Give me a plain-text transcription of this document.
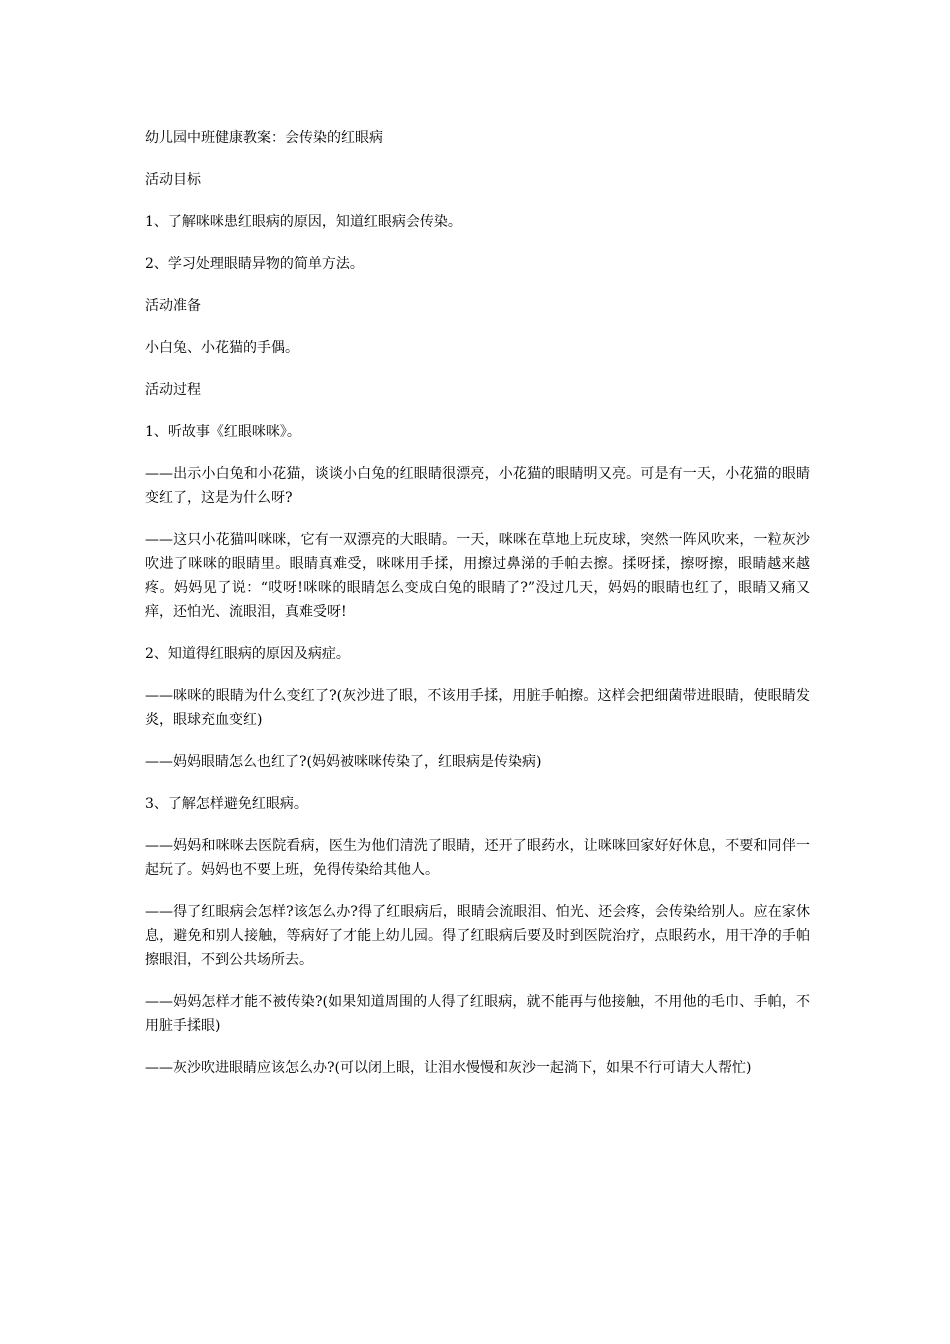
幼儿园中班健康教案：会传染的红眼病

活动目标

1、了解咪咪患红眼病的原因，知道红眼病会传染。

2、学习处理眼睛异物的简单方法。

活动准备

小白兔、小花猫的手偶。

活动过程

1、听故事《红眼咪咪》。

——出示小白兔和小花猫，谈谈小白兔的红眼睛很漂亮，小花猫的眼睛明又亮。可是有一天，小花猫的眼睛变红了，这是为什么呀?

——这只小花猫叫咪咪，它有一双漂亮的大眼睛。一天，咪咪在草地上玩皮球，突然一阵风吹来，一粒灰沙吹进了咪咪的眼睛里。眼睛真难受，咪咪用手揉，用擦过鼻涕的手帕去擦。揉呀揉，擦呀擦，眼睛越来越疼。妈妈见了说：“哎呀!咪咪的眼睛怎么变成白兔的眼睛了?”没过几天，妈妈的眼睛也红了，眼睛又痛又痒，还怕光、流眼泪，真难受呀!

2、知道得红眼病的原因及病症。

——咪咪的眼睛为什么变红了?(灰沙进了眼，不该用手揉，用脏手帕擦。这样会把细菌带进眼睛，使眼睛发炎，眼球充血变红)

——妈妈眼睛怎么也红了?(妈妈被咪咪传染了，红眼病是传染病)

3、了解怎样避免红眼病。

——妈妈和咪咪去医院看病，医生为他们清洗了眼睛，还开了眼药水，让咪咪回家好好休息，不要和同伴一起玩了。妈妈也不要上班，免得传染给其他人。

——得了红眼病会怎样?该怎么办?得了红眼病后，眼睛会流眼泪、怕光、还会疼，会传染给别人。应在家休息，避免和别人接触，等病好了才能上幼儿园。得了红眼病后要及时到医院治疗，点眼药水，用干净的手帕擦眼泪，不到公共场所去。

——妈妈怎样才能不被传染?(如果知道周围的人得了红眼病，就不能再与他接触，不用他的毛巾、手帕，不用脏手揉眼)

——灰沙吹进眼睛应该怎么办?(可以闭上眼，让泪水慢慢和灰沙一起淌下，如果不行可请大人帮忙)
